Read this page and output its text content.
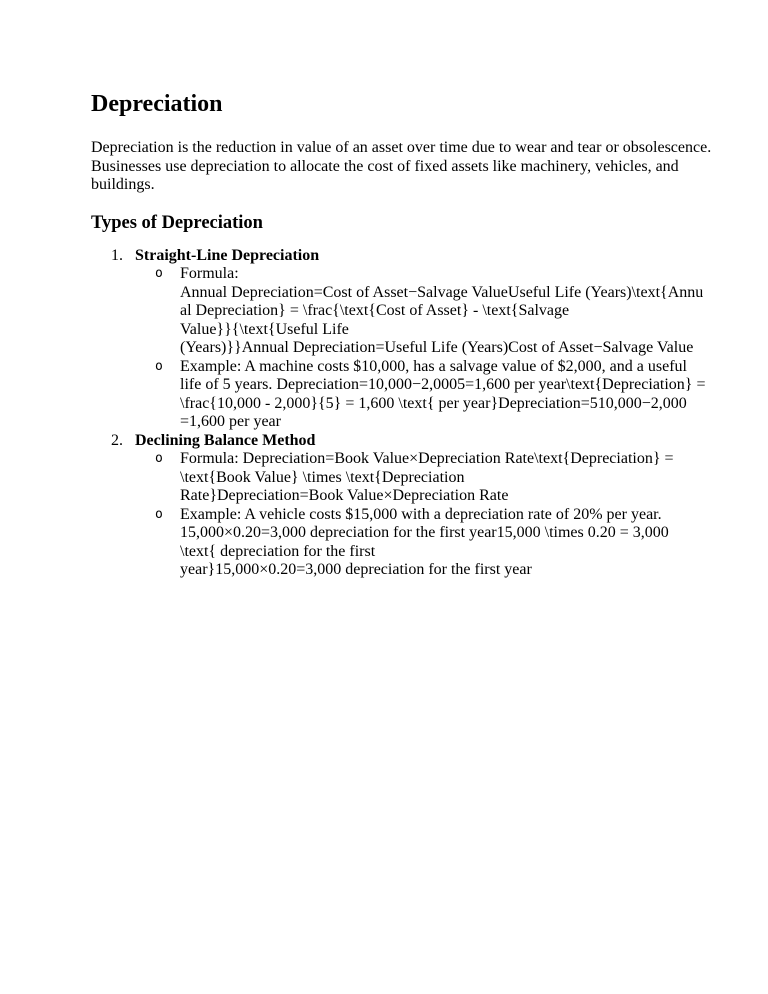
Depreciation

Depreciation is the reduction in value of an asset over time due to wear and tear or obsolescence.
Businesses use depreciation to allocate the cost of fixed assets like machinery, vehicles, and
buildings.

Types of Depreciation
1. Straight-Line Depreciation
o Formula:
Annual Depreciation=Cost of Asset−Salvage ValueUseful Life (Years)\text{Annu
al Depreciation} = \frac{\text{Cost of Asset} - \text{Salvage
Value}}{\text{Useful Life
(Years)}}Annual Depreciation=Useful Life (Years)Cost of Asset−Salvage Value
o Example: A machine costs $10,000, has a salvage value of $2,000, and a useful
life of 5 years. Depreciation=10,000−2,0005=1,600 per year\text{Depreciation} =
\frac{10,000 - 2,000}{5} = 1,600 \text{ per year}Depreciation=510,000−2,000
=1,600 per year
2. Declining Balance Method
o Formula: Depreciation=Book Value×Depreciation Rate\text{Depreciation} =
\text{Book Value} \times \text{Depreciation
Rate}Depreciation=Book Value×Depreciation Rate
o Example: A vehicle costs $15,000 with a depreciation rate of 20% per year.
15,000×0.20=3,000 depreciation for the first year15,000 \times 0.20 = 3,000
\text{ depreciation for the first
year}15,000×0.20=3,000 depreciation for the first year
